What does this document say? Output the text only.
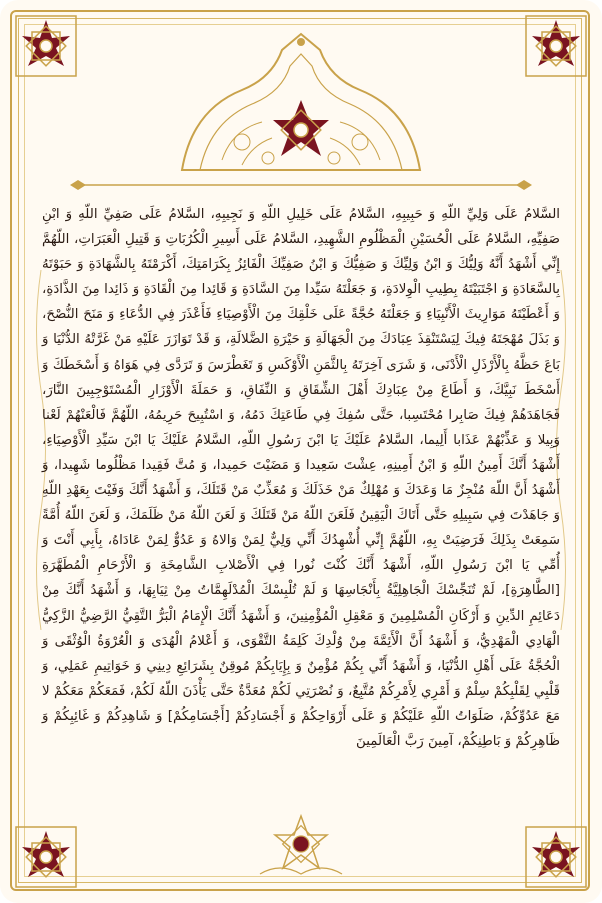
السَّلامُ عَلَى وَلِيِّ اللّهِ وَ حَبِيبِهِ، السَّلامُ عَلَى خَلِيلِ اللّهِ وَ نَجِيبِهِ، السَّلامُ عَلَى صَفِيِّ اللّهِ وَ ابْنِ صَفِيِّهِ، السَّلامُ عَلَى الْحُسَيْنِ الْمَظْلُومِ الشَّهِيدِ، السَّلامُ عَلَى أَسِيرِ الْكُرُبَاتِ وَ قَتِيلِ الْعَبَرَاتِ، اللّهُمَّ إِنِّي أَشْهَدُ أَنَّهُ وَلِيُّكَ وَ ابْنُ وَلِيِّكَ وَ صَفِيُّكَ وَ ابْنُ صَفِيِّكَ الْفَائِزُ بِكَرَامَتِكَ، أَكْرَمْتَهُ بِالشَّهَادَةِ وَ حَبَوْتَهُ بِالسَّعَادَةِ وَ اجْتَبَيْتَهُ بِطِيبِ الْوِلادَةِ، وَ جَعَلْتَهُ سَيِّدا مِنَ السَّادَةِ وَ قَائِدا مِنَ الْقَادَةِ وَ ذَائِدا مِنَ الذَّادَةِ، وَ أَعْطَيْتَهُ مَوَارِيثَ الْأَنْبِيَاءِ وَ جَعَلْتَهُ حُجَّةً عَلَى خَلْقِكَ مِنَ الْأَوْصِيَاءِ فَأَعْذَرَ فِي الدُّعَاءِ وَ مَنَحَ النُّصْحَ، وَ بَذَلَ مُهْجَتَهُ فِيكَ لِيَسْتَنْقِذَ عِبَادَكَ مِنَ الْجَهَالَةِ وَ حَيْرَةِ الضَّلالَةِ، وَ قَدْ تَوَازَرَ عَلَيْهِ مَنْ غَرَّتْهُ الدُّنْيَا وَ بَاعَ حَظَّهُ بِالْأَرْذَلِ الْأَدْنَى، وَ شَرَى آخِرَتَهُ بِالثَّمَنِ الْأَوْكَسِ وَ تَغَطْرَسَ وَ تَرَدَّى فِي هَوَاهُ وَ أَسْخَطَكَ وَ أَسْخَطَ نَبِيَّكَ، وَ أَطَاعَ مِنْ عِبَادِكَ أَهْلَ الشِّقَاقِ وَ النِّفَاقِ، وَ حَمَلَةَ الْأَوْزَارِ الْمُسْتَوْجِبِينَ النَّارَ، فَجَاهَدَهُمْ فِيكَ صَابِرا مُحْتَسِبا، حَتَّى سُفِكَ فِي طَاعَتِكَ دَمُهُ، وَ اسْتُبِيحَ حَرِيمُهُ، اللّهُمَّ فَالْعَنْهُمْ لَعْنا وَبِيلا وَ عَذِّبْهُمْ عَذَابا أَلِيما، السَّلامُ عَلَيْكَ يَا ابْنَ رَسُولِ اللّهِ، السَّلامُ عَلَيْكَ يَا ابْنَ سَيِّدِ الْأَوْصِيَاءِ، أَشْهَدُ أَنَّكَ أَمِينُ اللّهِ وَ ابْنُ أَمِينِهِ، عِشْتَ سَعِيدا وَ مَضَيْتَ حَمِيدا، وَ مُتَّ فَقِيدا مَظْلُوما شَهِيدا، وَ أَشْهَدُ أَنَّ اللّهَ مُنْجِزٌ مَا وَعَدَكَ وَ مُهْلِكٌ مَنْ خَذَلَكَ وَ مُعَذِّبٌ مَنْ قَتَلَكَ، وَ أَشْهَدُ أَنَّكَ وَفَيْتَ بِعَهْدِ اللّهِ وَ جَاهَدْتَ فِي سَبِيلِهِ حَتَّى أَتَاكَ الْيَقِينُ فَلَعَنَ اللّهُ مَنْ قَتَلَكَ وَ لَعَنَ اللّهُ مَنْ ظَلَمَكَ، وَ لَعَنَ اللّهُ أُمَّةً سَمِعَتْ بِذَلِكَ فَرَضِيَتْ بِهِ، اللّهُمَّ إِنِّي أُشْهِدُكَ أَنِّي وَلِيٌّ لِمَنْ وَالاهُ وَ عَدُوٌّ لِمَنْ عَادَاهُ، بِأَبِي أَنْتَ وَ أُمِّي يَا ابْنَ رَسُولِ اللّهِ، أَشْهَدُ أَنَّكَ كُنْتَ نُورا فِي الْأَصْلابِ الشَّامِخَةِ وَ الْأَرْحَامِ الْمُطَهَّرَةِ [الطَّاهِرَةِ]، لَمْ تُنَجِّسْكَ الْجَاهِلِيَّةُ بِأَنْجَاسِهَا وَ لَمْ تُلْبِسْكَ الْمُدْلَهِمَّاتُ مِنْ ثِيَابِهَا، وَ أَشْهَدُ أَنَّكَ مِنْ دَعَائِمِ الدِّينِ وَ أَرْكَانِ الْمُسْلِمِينَ وَ مَعْقِلِ الْمُؤْمِنِينَ، وَ أَشْهَدُ أَنَّكَ الْإِمَامُ الْبَرُّ التَّقِيُّ الرَّضِيُّ الزَّكِيُّ الْهَادِي الْمَهْدِيُّ، وَ أَشْهَدُ أَنَّ الْأَئِمَّةَ مِنْ وُلْدِكَ كَلِمَةُ التَّقْوَى، وَ أَعْلامُ الْهُدَى وَ الْعُرْوَةُ الْوُثْقَى وَ الْحُجَّةُ عَلَى أَهْلِ الدُّنْيَا، وَ أَشْهَدُ أَنِّي بِكُمْ مُؤْمِنٌ وَ بِإِيَابِكُمْ مُوقِنٌ بِشَرَائِعِ دِينِي وَ خَوَاتِيمِ عَمَلِي، وَ قَلْبِي لِقَلْبِكُمْ سِلْمٌ وَ أَمْرِي لِأَمْرِكُمْ مُتَّبِعٌ، وَ نُصْرَتِي لَكُمْ مُعَدَّةٌ حَتَّى يَأْذَنَ اللّهُ لَكُمْ، فَمَعَكُمْ مَعَكُمْ لا مَعَ عَدُوِّكُمْ، صَلَوَاتُ اللّهِ عَلَيْكُمْ وَ عَلَى أَرْوَاحِكُمْ وَ أَجْسَادِكُمْ [أَجْسَامِكُمْ] وَ شَاهِدِكُمْ وَ غَائِبِكُمْ وَ ظَاهِرِكُمْ وَ بَاطِنِكُمْ، آمِينَ رَبَّ الْعَالَمِينَ
